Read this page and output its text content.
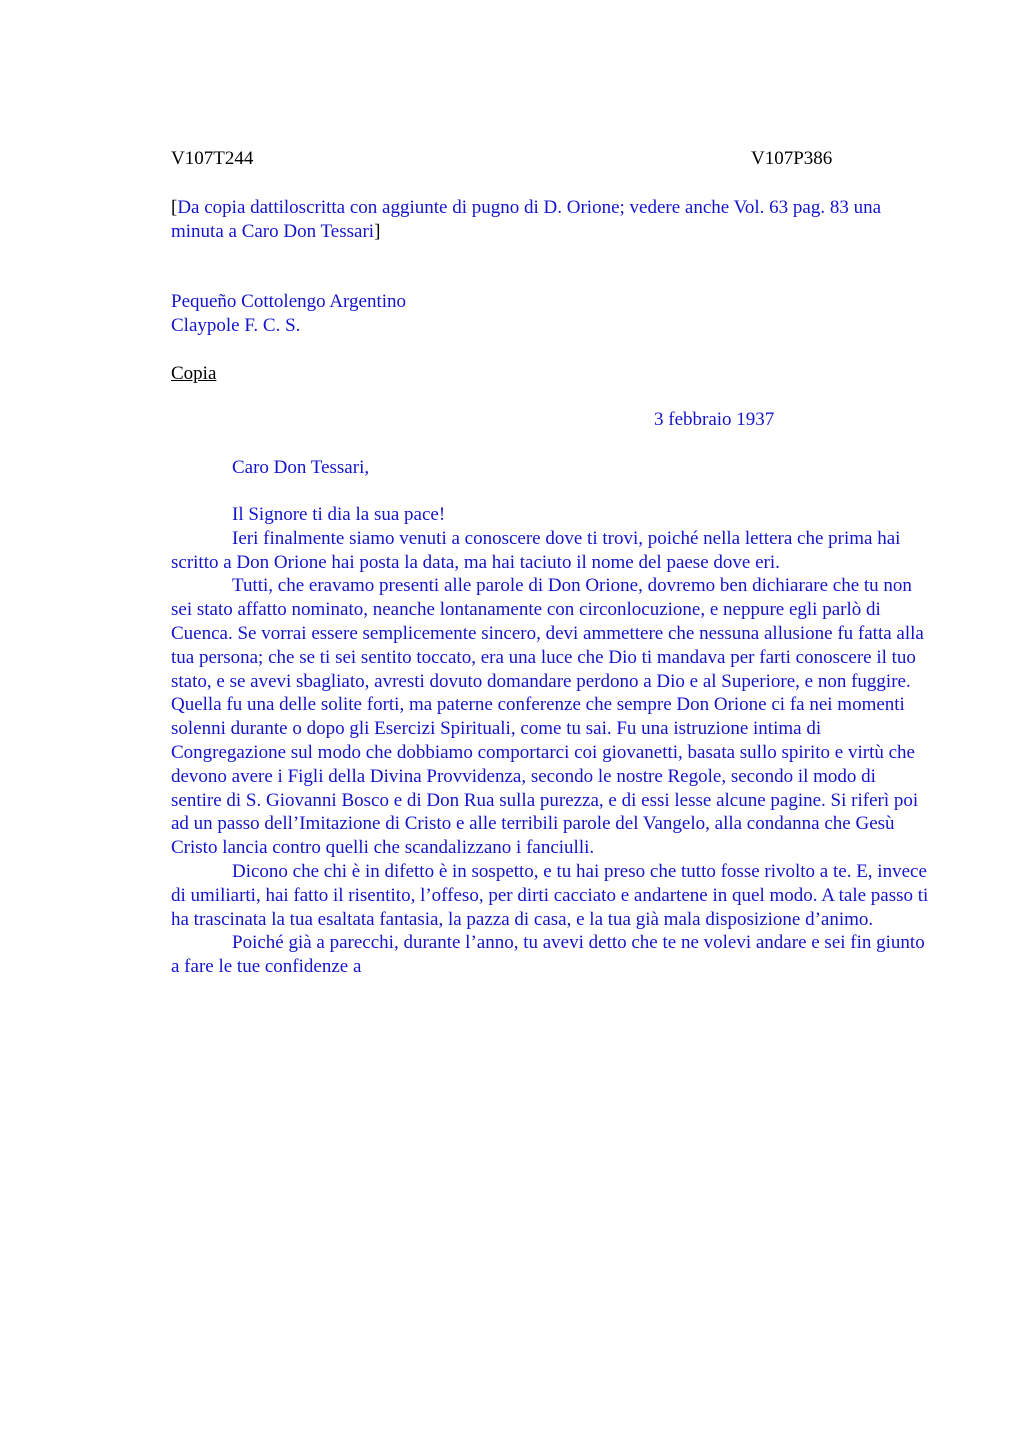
V107T244	V107P386
[Da copia dattiloscritta con aggiunte di pugno di D. Orione; vedere anche Vol. 63 pag. 83 una minuta a Caro Don Tessari]
Pequeño Cottolengo Argentino
Claypole F. C. S.
Copia
3 febbraio 1937
Caro Don Tessari,

Il Signore ti dia la sua pace!

Ieri finalmente siamo venuti a conoscere dove ti trovi, poiché nella lettera che prima hai scritto a Don Orione hai posta la data, ma hai taciuto il nome del paese dove eri.

Tutti, che eravamo presenti alle parole di Don Orione, dovremo ben dichiarare che tu non sei stato affatto nominato, neanche lontanamente con circonlocuzione, e neppure egli parlò di Cuenca. Se vorrai essere semplicemente sincero, devi ammettere che nessuna allusione fu fatta alla tua persona; che se ti sei sentito toccato, era una luce che Dio ti mandava per farti conoscere il tuo stato, e se avevi sbagliato, avresti dovuto domandare perdono a Dio e al Superiore, e non fuggire. Quella fu una delle solite forti, ma paterne conferenze che sempre Don Orione ci fa nei momenti solenni durante o dopo gli Esercizi Spirituali, come tu sai. Fu una istruzione intima di Congregazione sul modo che dobbiamo comportarci coi giovanetti, basata sullo spirito e virtù che devono avere i Figli della Divina Provvidenza, secondo le nostre Regole, secondo il modo di sentire di S. Giovanni Bosco e di Don Rua sulla purezza, e di essi lesse alcune pagine. Si riferì poi ad un passo dell’Imitazione di Cristo e alle terribili parole del Vangelo, alla condanna che Gesù Cristo lancia contro quelli che scandalizzano i fanciulli.

Dicono che chi è in difetto è in sospetto, e tu hai preso che tutto fosse rivolto a te. E, invece di umiliarti, hai fatto il risentito, l’offeso, per dirti cacciato e andartene in quel modo. A tale passo ti ha trascinata la tua esaltata fantasia, la pazza di casa, e la tua già mala disposizione d’animo.

Poiché già a parecchi, durante l’anno, tu avevi detto che te ne volevi andare e sei fin giunto a fare le tue confidenze a
